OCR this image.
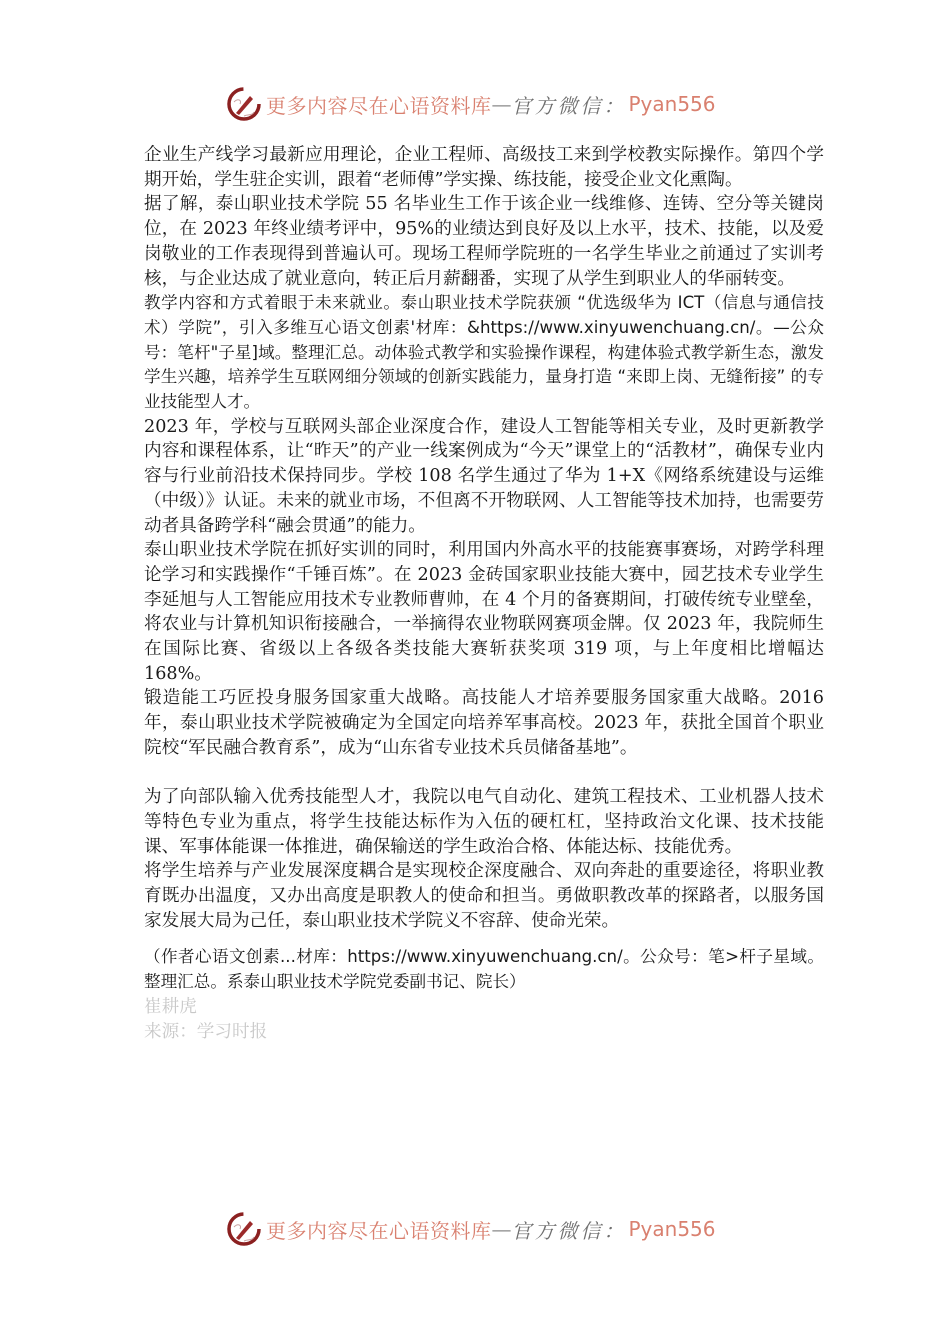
更多内容尽在心语资料库 — 官方微信： Pyan556

企业生产线学习最新应用理论，企业工程师、高级技工来到学校教实际操作。第四个学期开始，学生驻企实训，跟着“老师傅”学实操、练技能，接受企业文化熏陶。

据了解，泰山职业技术学院 55 名毕业生工作于该企业一线维修、连铸、空分等关键岗位，在 2023 年终业绩考评中，95%的业绩达到良好及以上水平，技术、技能，以及爱岗敬业的工作表现得到普遍认可。现场工程师学院班的一名学生毕业之前通过了实训考核，与企业达成了就业意向，转正后月薪翻番，实现了从学生到职业人的华丽转变。

教学内容和方式着眼于未来就业。泰山职业技术学院获颁 “优选级华为 ICT（信息与通信技术）学院”，引入多维互心语文创素'材库：&https://www.xinyuwenchuang.cn/。—公众号：笔杆"子星]域。整理汇总。动体验式教学和实验操作课程，构建体验式教学新生态，激发学生兴趣，培养学生互联网细分领域的创新实践能力，量身打造 “来即上岗、无缝衔接” 的专业技能型人才。

2023 年，学校与互联网头部企业深度合作，建设人工智能等相关专业，及时更新教学内容和课程体系，让“昨天”的产业一线案例成为“今天”课堂上的“活教材”，确保专业内容与行业前沿技术保持同步。学校 108 名学生通过了华为 1+X《网络系统建设与运维（中级）》认证。未来的就业市场，不但离不开物联网、人工智能等技术加持，也需要劳动者具备跨学科“融会贯通”的能力。

泰山职业技术学院在抓好实训的同时，利用国内外高水平的技能赛事赛场，对跨学科理论学习和实践操作“千锤百炼”。在 2023 金砖国家职业技能大赛中，园艺技术专业学生李延旭与人工智能应用技术专业教师曹帅，在 4 个月的备赛期间，打破传统专业壁垒，将农业与计算机知识衔接融合，一举摘得农业物联网赛项金牌。仅 2023 年，我院师生在国际比赛、省级以上各级各类技能大赛斩获奖项 319 项，与上年度相比增幅达 168%。

锻造能工巧匠投身服务国家重大战略。高技能人才培养要服务国家重大战略。2016 年，泰山职业技术学院被确定为全国定向培养军事高校。2023 年，获批全国首个职业院校“军民融合教育系”，成为“山东省专业技术兵员储备基地”。

为了向部队输入优秀技能型人才，我院以电气自动化、建筑工程技术、工业机器人技术等特色专业为重点，将学生技能达标作为入伍的硬杠杠，坚持政治文化课、技术技能课、军事体能课一体推进，确保输送的学生政治合格、体能达标、技能优秀。

将学生培养与产业发展深度耦合是实现校企深度融合、双向奔赴的重要途径，将职业教育既办出温度，又办出高度是职教人的使命和担当。勇做职教改革的探路者，以服务国家发展大局为己任，泰山职业技术学院义不容辞、使命光荣。

（作者心语文创素...材库：https://www.xinyuwenchuang.cn/。公众号：笔>杆子星域。整理汇总。系泰山职业技术学院党委副书记、院长）

崔耕虎

来源：学习时报

更多内容尽在心语资料库 — 官方微信： Pyan556
